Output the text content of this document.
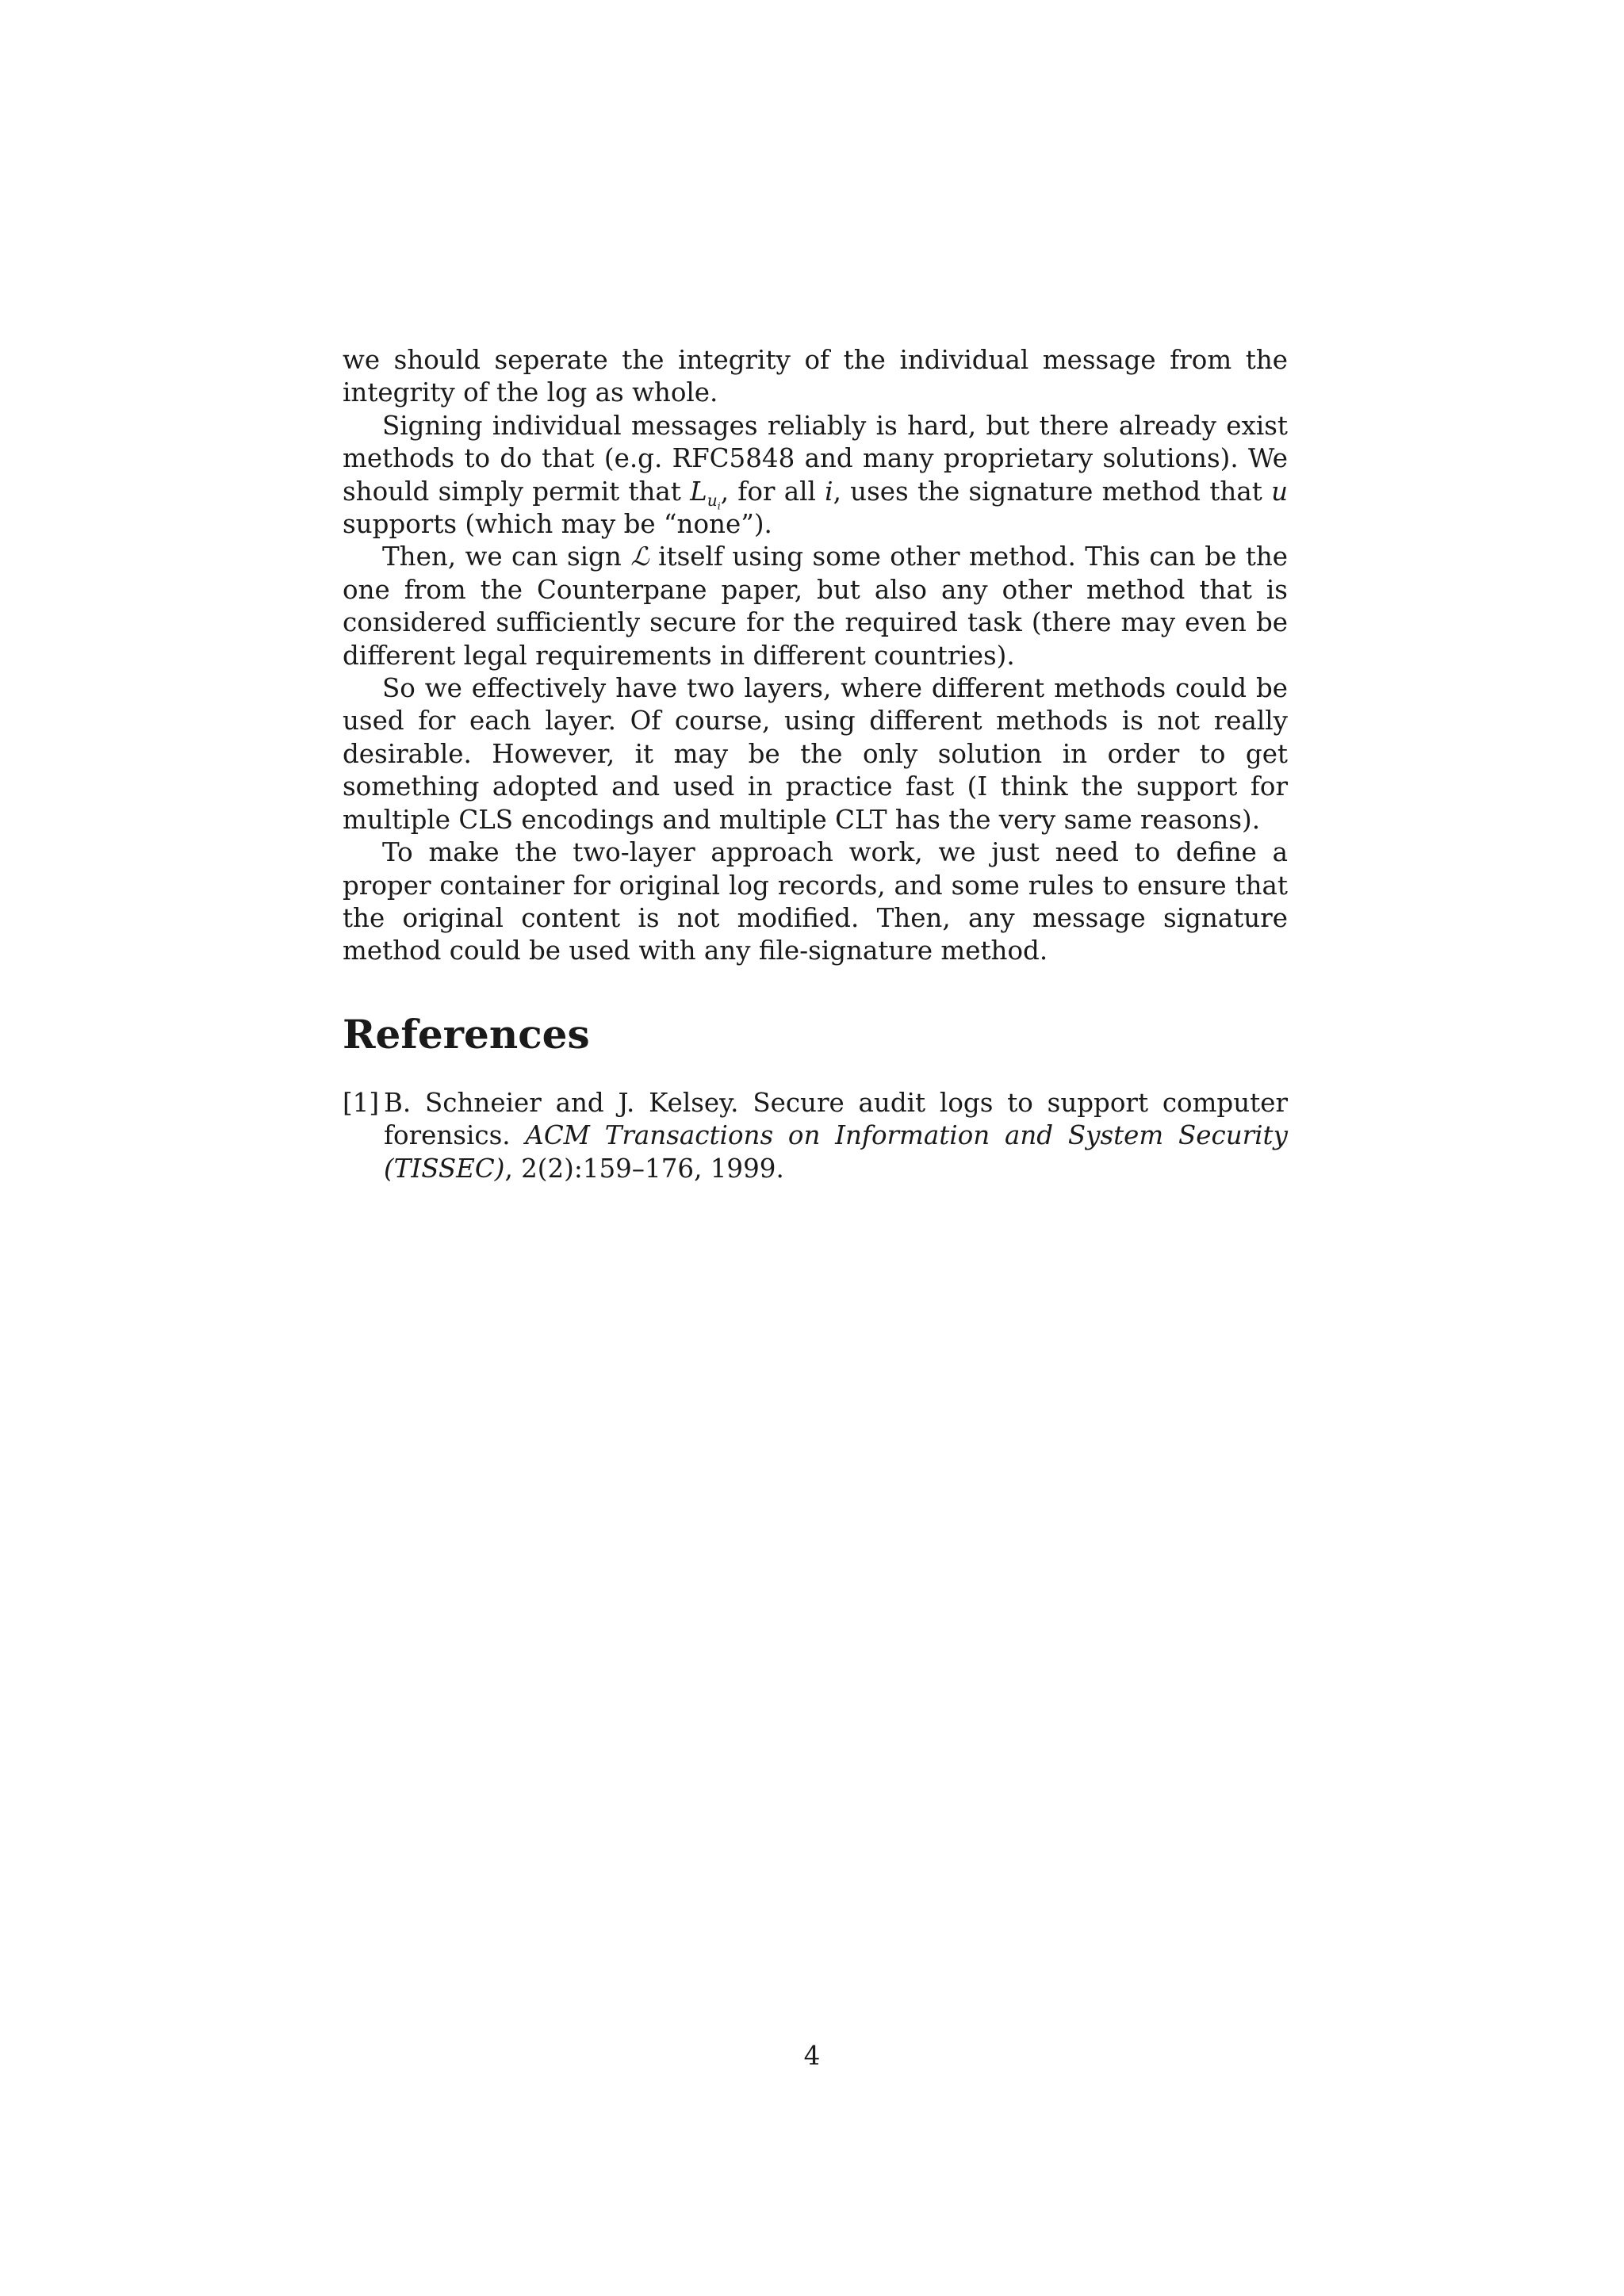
we should seperate the integrity of the individual message from the integrity of the log as whole.

Signing individual messages reliably is hard, but there already exist methods to do that (e.g. RFC5848 and many proprietary solutions). We should simply permit that $L_{u_i}$, for all i, uses the signature method that u supports (which may be “none”).

Then, we can sign ℒ itself using some other method. This can be the one from the Counterpane paper, but also any other method that is considered sufficiently secure for the required task (there may even be different legal requirements in different countries).

So we effectively have two layers, where different methods could be used for each layer. Of course, using different methods is not really desirable. However, it may be the only solution in order to get something adopted and used in practice fast (I think the support for multiple CLS encodings and multiple CLT has the very same reasons).

To make the two-layer approach work, we just need to define a proper container for original log records, and some rules to ensure that the original content is not modified. Then, any message signature method could be used with any file-signature method.

References
[1] B. Schneier and J. Kelsey. Secure audit logs to support computer forensics. ACM Transactions on Information and System Security (TISSEC), 2(2):159–176, 1999.
4
